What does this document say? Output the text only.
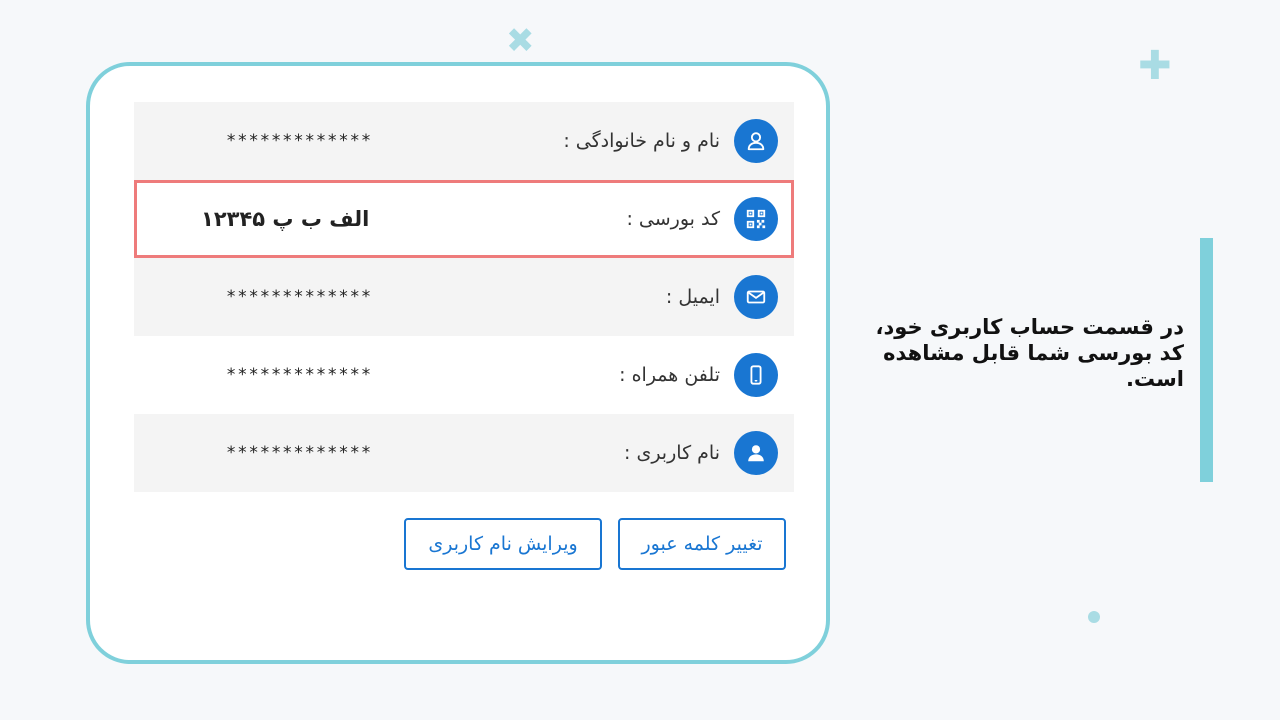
✖
✚
نام و نام خانوادگی :
*************
کد بورسی :
الف ب پ ۱۲۳۴۵
ایمیل :
*************
تلفن همراه :
*************
نام کاربری :
*************
تغییر کلمه عبور
ویرایش نام کاربری
در قسمت حساب کاربری خود، کد بورسی شما قابل مشاهده است.
